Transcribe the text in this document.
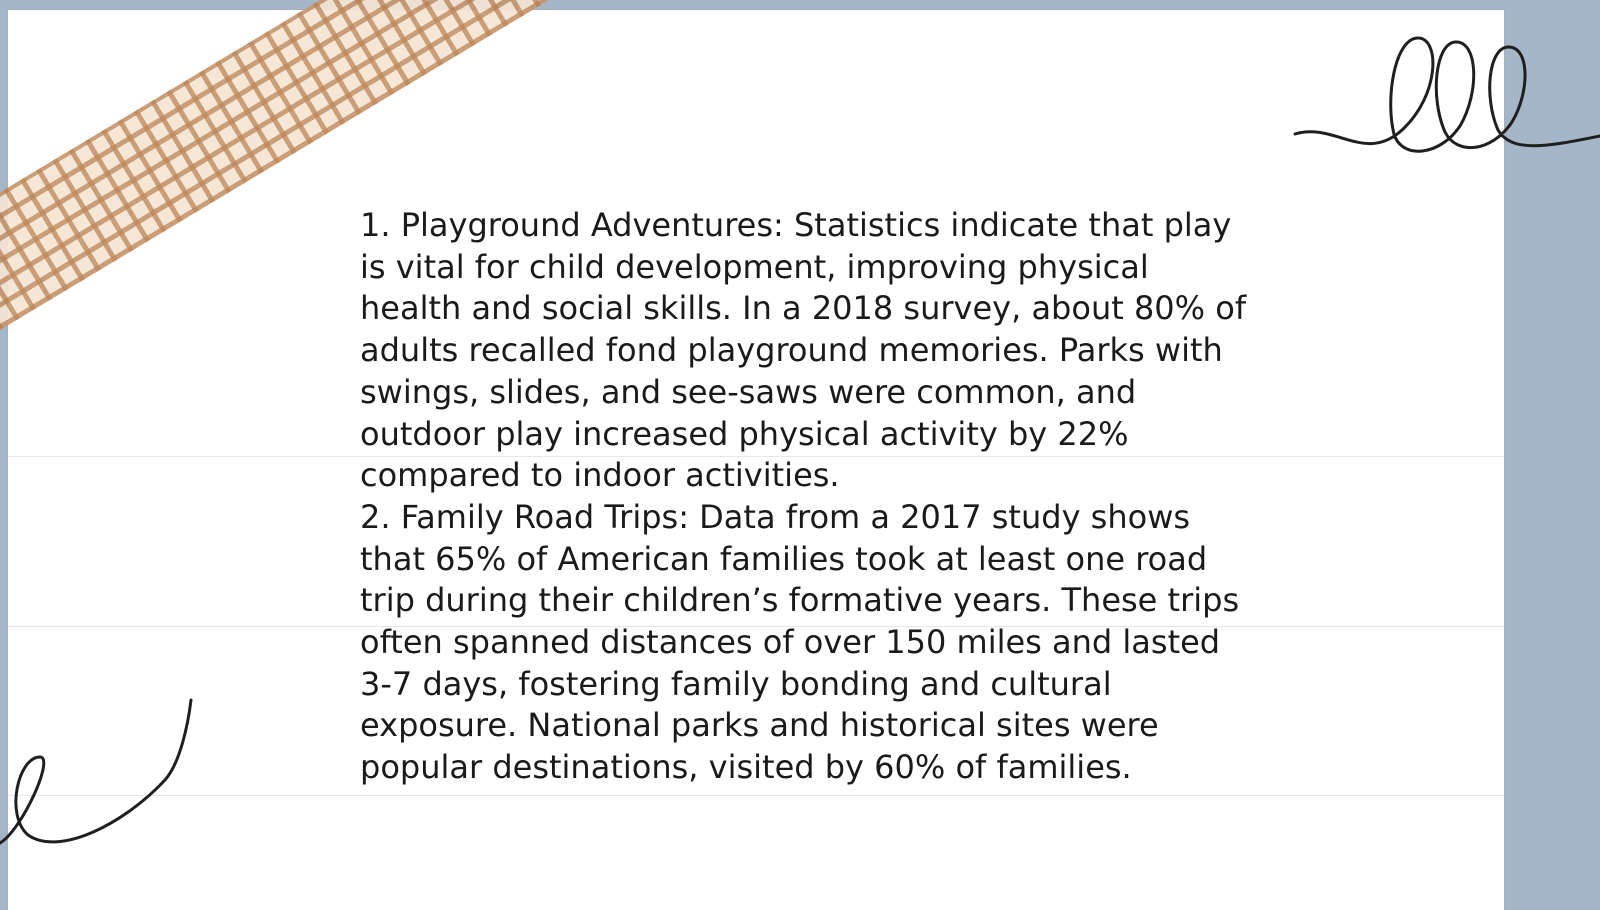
1. Playground Adventures: Statistics indicate that play is vital for child development, improving physical health and social skills. In a 2018 survey, about 80% of adults recalled fond playground memories. Parks with swings, slides, and see-saws were common, and outdoor play increased physical activity by 22% compared to indoor activities.

2. Family Road Trips: Data from a 2017 study shows that 65% of American families took at least one road trip during their children’s formative years. These trips often spanned distances of over 150 miles and lasted 3-7 days, fostering family bonding and cultural exposure. National parks and historical sites were popular destinations, visited by 60% of families.
